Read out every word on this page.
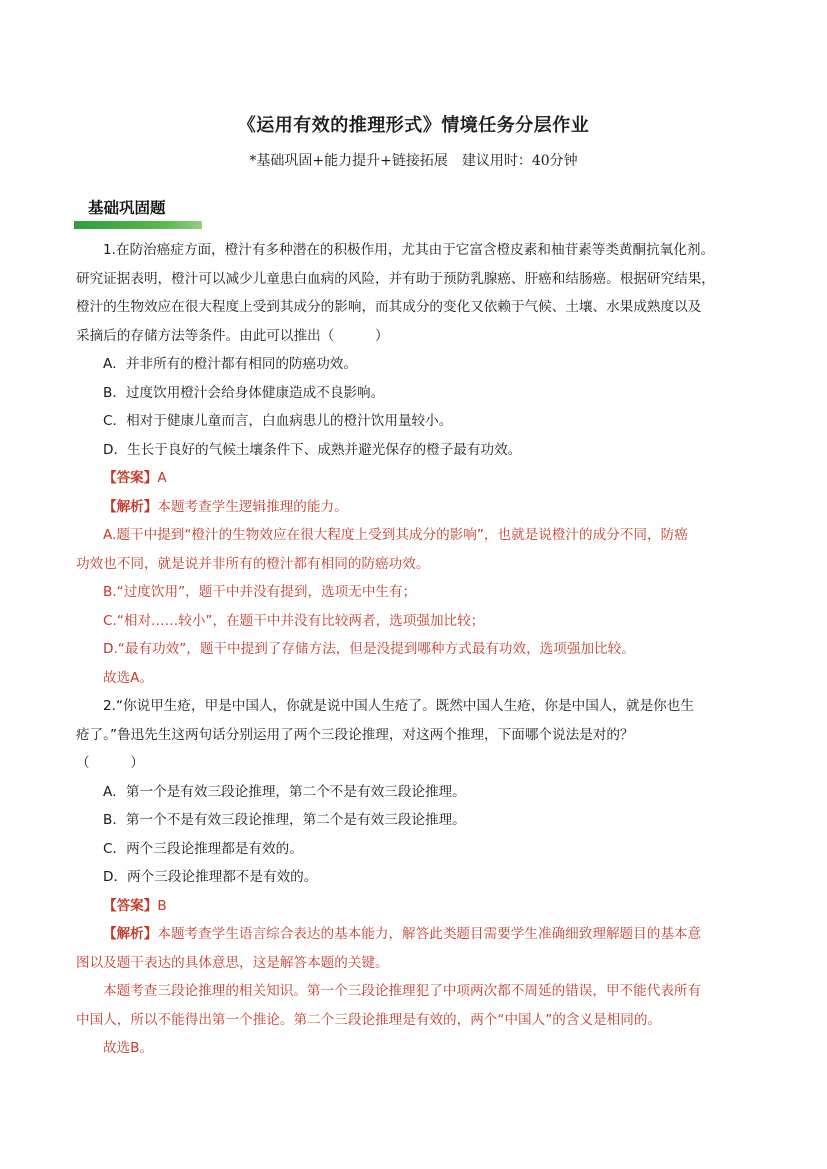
《运用有效的推理形式》情境任务分层作业
*基础巩固+能力提升+链接拓展　建议用时：40分钟
基础巩固题

1.在防治癌症方面，橙汁有多种潜在的积极作用，尤其由于它富含橙皮素和柚苷素等类黄酮抗氧化剂。

研究证据表明，橙汁可以减少儿童患白血病的风险，并有助于预防乳腺癌、肝癌和结肠癌。根据研究结果，

橙汁的生物效应在很大程度上受到其成分的影响，而其成分的变化又依赖于气候、土壤、水果成熟度以及

采摘后的存储方法等条件。由此可以推出（　　　）

A．并非所有的橙汁都有相同的防癌功效。
B．过度饮用橙汁会给身体健康造成不良影响。
C．相对于健康儿童而言，白血病患儿的橙汁饮用量较小。
D．生长于良好的气候土壤条件下、成熟并避光保存的橙子最有功效。
【答案】A
【解析】本题考查学生逻辑推理的能力。

A.题干中提到“橙汁的生物效应在很大程度上受到其成分的影响”，也就是说橙汁的成分不同，防癌

功效也不同，就是说并非所有的橙汁都有相同的防癌功效。

B.“过度饮用”，题干中并没有提到，选项无中生有；

C.“相对……较小”，在题干中并没有比较两者，选项强加比较；

D.“最有功效”，题干中提到了存储方法，但是没提到哪种方式最有功效，选项强加比较。

故选A。

2.“你说甲生疮，甲是中国人，你就是说中国人生疮了。既然中国人生疮，你是中国人，就是你也生

疮了。”鲁迅先生这两句话分别运用了两个三段论推理，对这两个推理，下面哪个说法是对的？

（　　　）

A．第一个是有效三段论推理，第二个不是有效三段论推理。
B．第一个不是有效三段论推理，第二个是有效三段论推理。
C．两个三段论推理都是有效的。
D．两个三段论推理都不是有效的。
【答案】B

【解析】本题考查学生语言综合表达的基本能力，解答此类题目需要学生准确细致理解题目的基本意

图以及题干表达的具体意思，这是解答本题的关键。

本题考查三段论推理的相关知识。第一个三段论推理犯了中项两次都不周延的错误，甲不能代表所有

中国人，所以不能得出第一个推论。第二个三段论推理是有效的，两个“中国人”的含义是相同的。

故选B。
